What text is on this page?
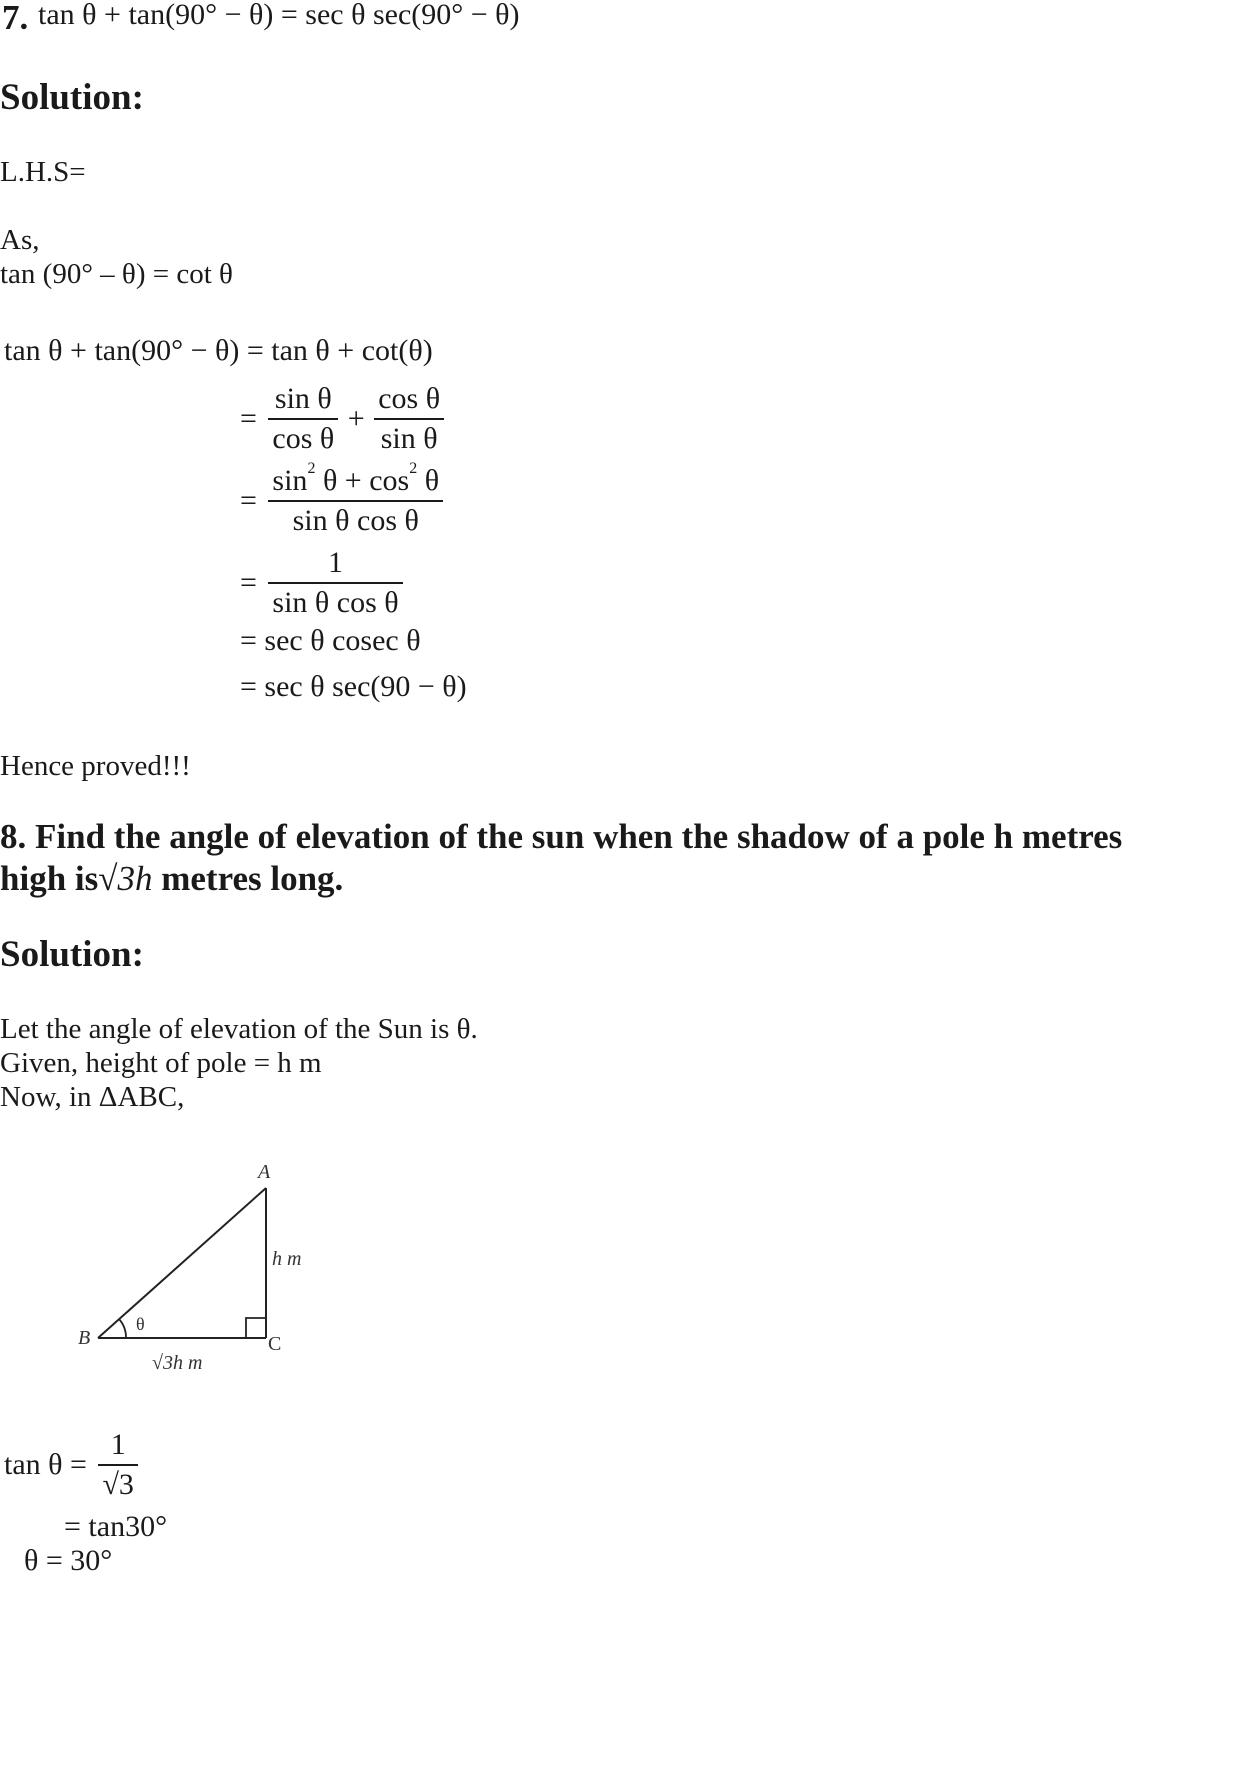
7. tan θ + tan(90° − θ) = sec θ sec(90° − θ)
Solution:
L.H.S=
As,
tan (90° – θ) = cot θ
tan θ + tan(90° − θ) = tan θ + cot(θ)
= $\frac{\text{sin θ}}{\text{cos θ}} + \frac{\text{cos θ}}{\text{sin θ}}$
= $\frac{\sin^2 \theta + \cos^2 \theta}{\text{sin θ cos θ}}$
= $\frac{1}{\text{sin θ cos θ}}$
= sec θ cosec θ
= sec θ sec(90 − θ)
Hence proved!!!
8. Find the angle of elevation of the sun when the shadow of a pole h metres
high is√3h metres long.
Solution:
Let the angle of elevation of the Sun is θ.
Given, height of pole = h m
Now, in ΔABC,
A
B	C
θ
h m
√3h m
$\tan \theta = \frac{1}{√3}$
= tan30°
θ = 30°
